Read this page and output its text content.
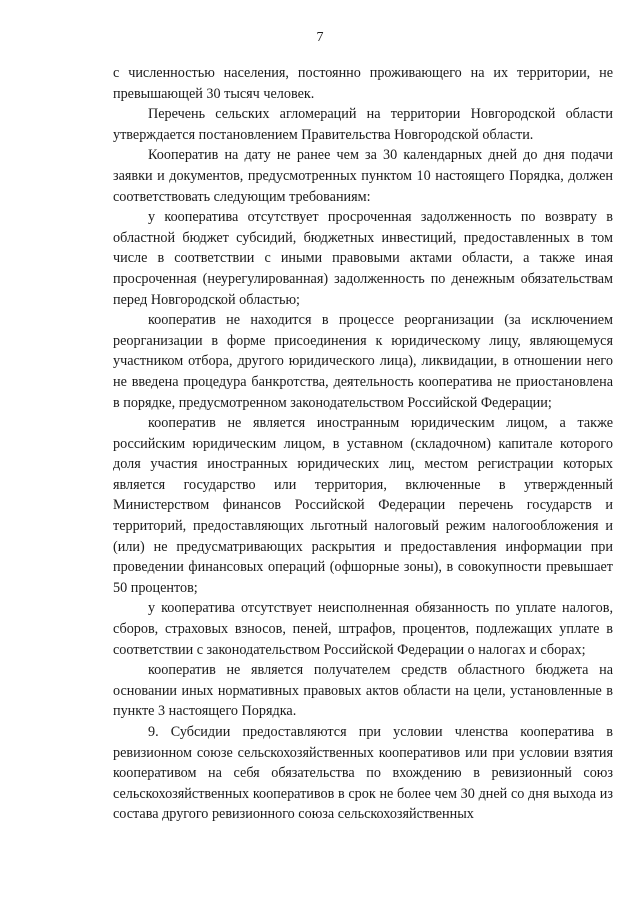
7

с численностью населения, постоянно проживающего на их территории, не превышающей 30 тысяч человек.

Перечень сельских агломераций на территории Новгородской области утверждается постановлением Правительства Новгородской области.

Кооператив на дату не ранее чем за 30 календарных дней до дня подачи заявки и документов, предусмотренных пунктом 10 настоящего Порядка, должен соответствовать следующим требованиям:

у кооператива отсутствует просроченная задолженность по возврату в областной бюджет субсидий, бюджетных инвестиций, предоставленных в том числе в соответствии с иными правовыми актами области, а также иная просроченная (неурегулированная) задолженность по денежным обязательствам перед Новгородской областью;

кооператив не находится в процессе реорганизации (за исключением реорганизации в форме присоединения к юридическому лицу, являющемуся участником отбора, другого юридического лица), ликвидации, в отношении него не введена процедура банкротства, деятельность кооператива не приостановлена в порядке, предусмотренном законодательством Российской Федерации;

кооператив не является иностранным юридическим лицом, а также российским юридическим лицом, в уставном (складочном) капитале которого доля участия иностранных юридических лиц, местом регистрации которых является государство или территория, включенные в утвержденный Министерством финансов Российской Федерации перечень государств и территорий, предоставляющих льготный налоговый режим налогообложения и (или) не предусматривающих раскрытия и предоставления информации при проведении финансовых операций (офшорные зоны), в совокупности превышает 50 процентов;

у кооператива отсутствует неисполненная обязанность по уплате налогов, сборов, страховых взносов, пеней, штрафов, процентов, подлежащих уплате в соответствии с законодательством Российской Федерации о налогах и сборах;

кооператив не является получателем средств областного бюджета на основании иных нормативных правовых актов области на цели, установленные в пункте 3 настоящего Порядка.

9. Субсидии предоставляются при условии членства кооператива в ревизионном союзе сельскохозяйственных кооперативов или при условии взятия кооперативом на себя обязательства по вхождению в ревизионный союз сельскохозяйственных кооперативов в срок не более чем 30 дней со дня выхода из состава другого ревизионного союза сельскохозяйственных
